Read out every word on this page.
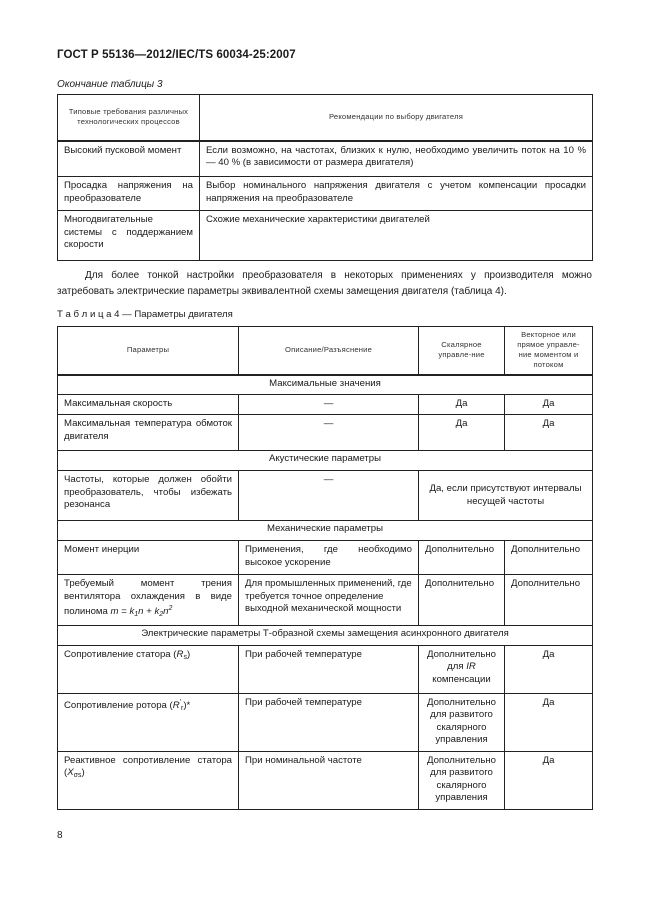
ГОСТ Р 55136—2012/IEC/TS 60034-25:2007
Окончание таблицы 3
Типовые требования различных технологических процессов	Рекомендации по выбору двигателя
Высокий пусковой момент	Если возможно, на частотах, близких к нулю, необходимо увеличить поток на 10 % — 40 % (в зависимости от размера двигателя)
Просадка напряжения на преобразователе	Выбор номинального напряжения двигателя с учетом компенсации просадки напряжения на преобразователе
Многодвигательные системы с поддержанием скорости	Схожие механические характеристики двигателей
Для более тонкой настройки преобразователя в некоторых применениях у производителя можно затребовать электрические параметры эквивалентной схемы замещения двигателя (таблица 4).
Т а б л и ц а 4 — Параметры двигателя
Параметры	Описание/Разъяснение	Скалярное управле-ние	Векторное или прямое управле-ние моментом и потоком
Максимальные значения			
Максимальная скорость	—	Да	Да
Максимальная температура обмоток двигателя	—	Да	Да
Акустические параметры			
Частоты, которые должен обойти преобразователь, чтобы избежать резонанса	—	Да, если присутствуют интервалы несущей частоты	
Механические параметры			
Момент инерции	Применения, где необходимо высокое ускорение	Дополнительно	Дополнительно
Требуемый момент трения вентилятора охлаждения в виде полинома $m = k_1n + k_2n^2$	Для промышленных применений, где требуется точное определение выходной механической мощности	Дополнительно	Дополнительно
Электрические параметры Т-образной схемы замещения асинхронного двигателя			
Сопротивление статора $(R_s)$	При рабочей температуре	Дополнительно для IR компенсации	Да
Сопротивление ротора $(R'_r)*$	При рабочей температуре	Дополнительно для развитого скалярного управления	Да
Реактивное сопротивление статора $(X_{\sigma s})$	При номинальной частоте	Дополнительно для развитого скалярного управления	Да
8
